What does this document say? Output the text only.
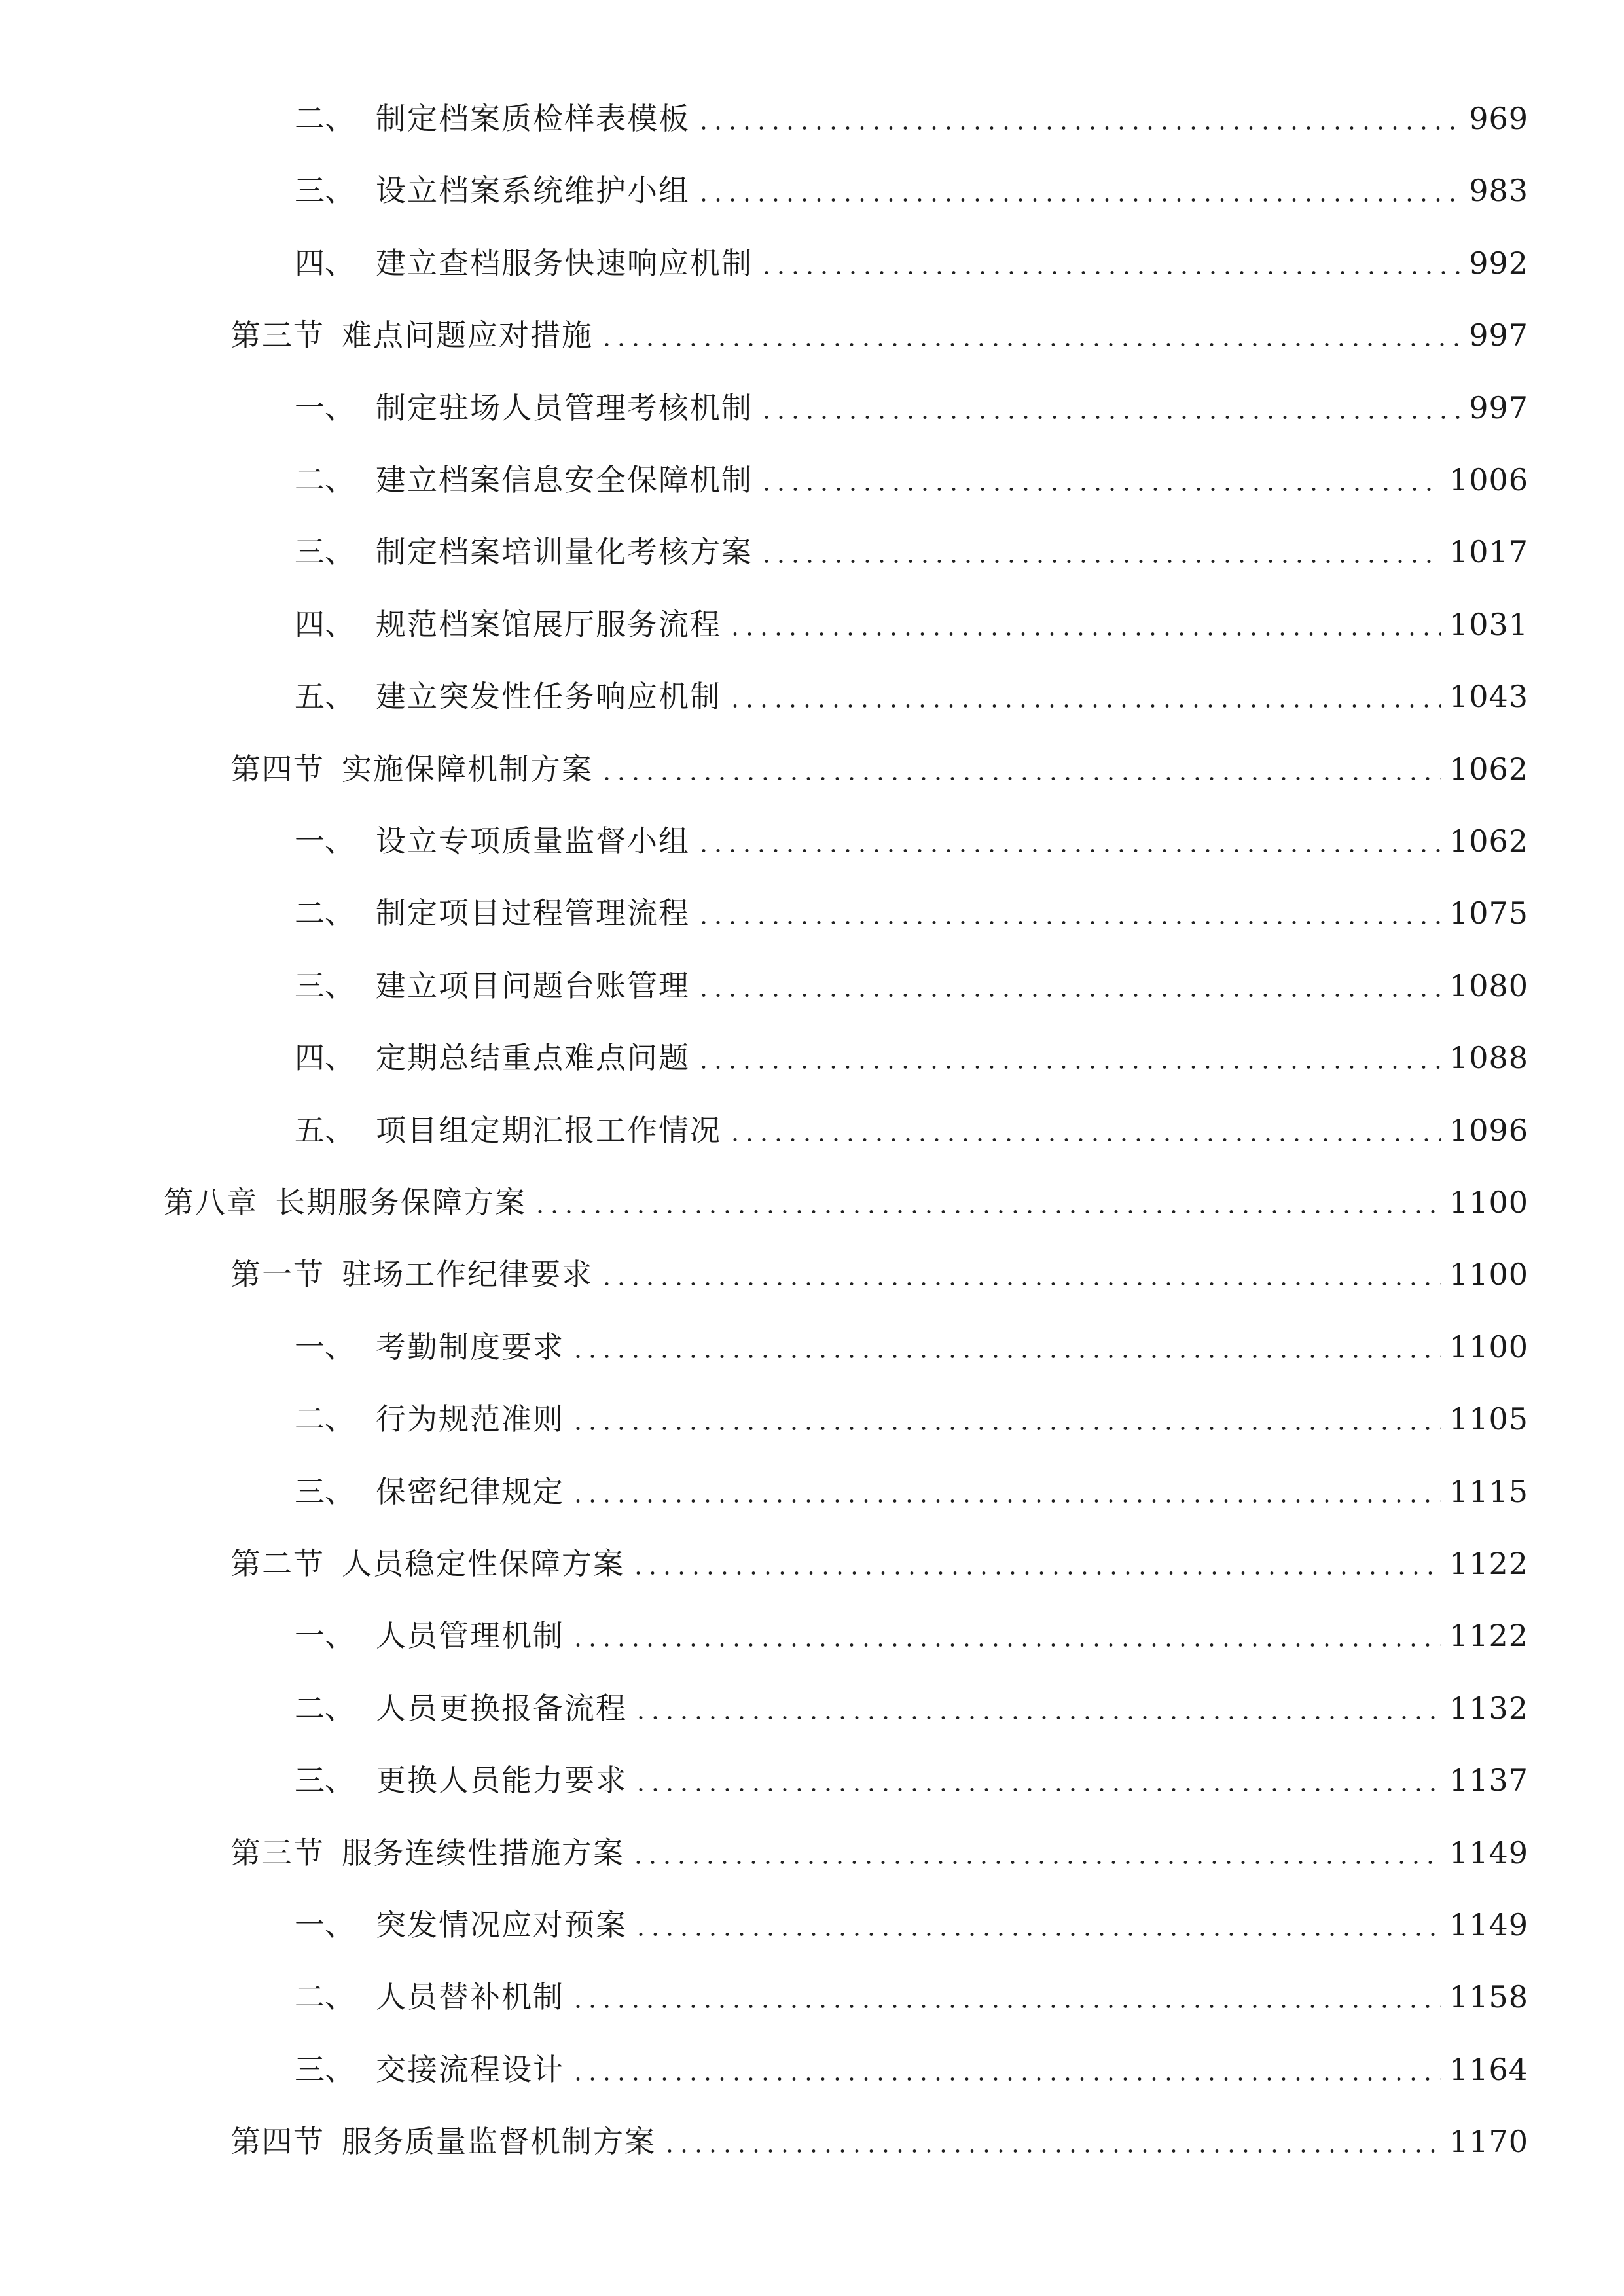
二、 制定档案质检样表模板	969
三、 设立档案系统维护小组	983
四、 建立查档服务快速响应机制	992
第三节 难点问题应对措施	997
一、 制定驻场人员管理考核机制	997
二、 建立档案信息安全保障机制	1006
三、 制定档案培训量化考核方案	1017
四、 规范档案馆展厅服务流程	1031
五、 建立突发性任务响应机制	1043
第四节 实施保障机制方案	1062
一、 设立专项质量监督小组	1062
二、 制定项目过程管理流程	1075
三、 建立项目问题台账管理	1080
四、 定期总结重点难点问题	1088
五、 项目组定期汇报工作情况	1096
第八章 长期服务保障方案	1100
第一节 驻场工作纪律要求	1100
一、 考勤制度要求	1100
二、 行为规范准则	1105
三、 保密纪律规定	1115
第二节 人员稳定性保障方案	1122
一、 人员管理机制	1122
二、 人员更换报备流程	1132
三、 更换人员能力要求	1137
第三节 服务连续性措施方案	1149
一、 突发情况应对预案	1149
二、 人员替补机制	1158
三、 交接流程设计	1164
第四节 服务质量监督机制方案	1170
